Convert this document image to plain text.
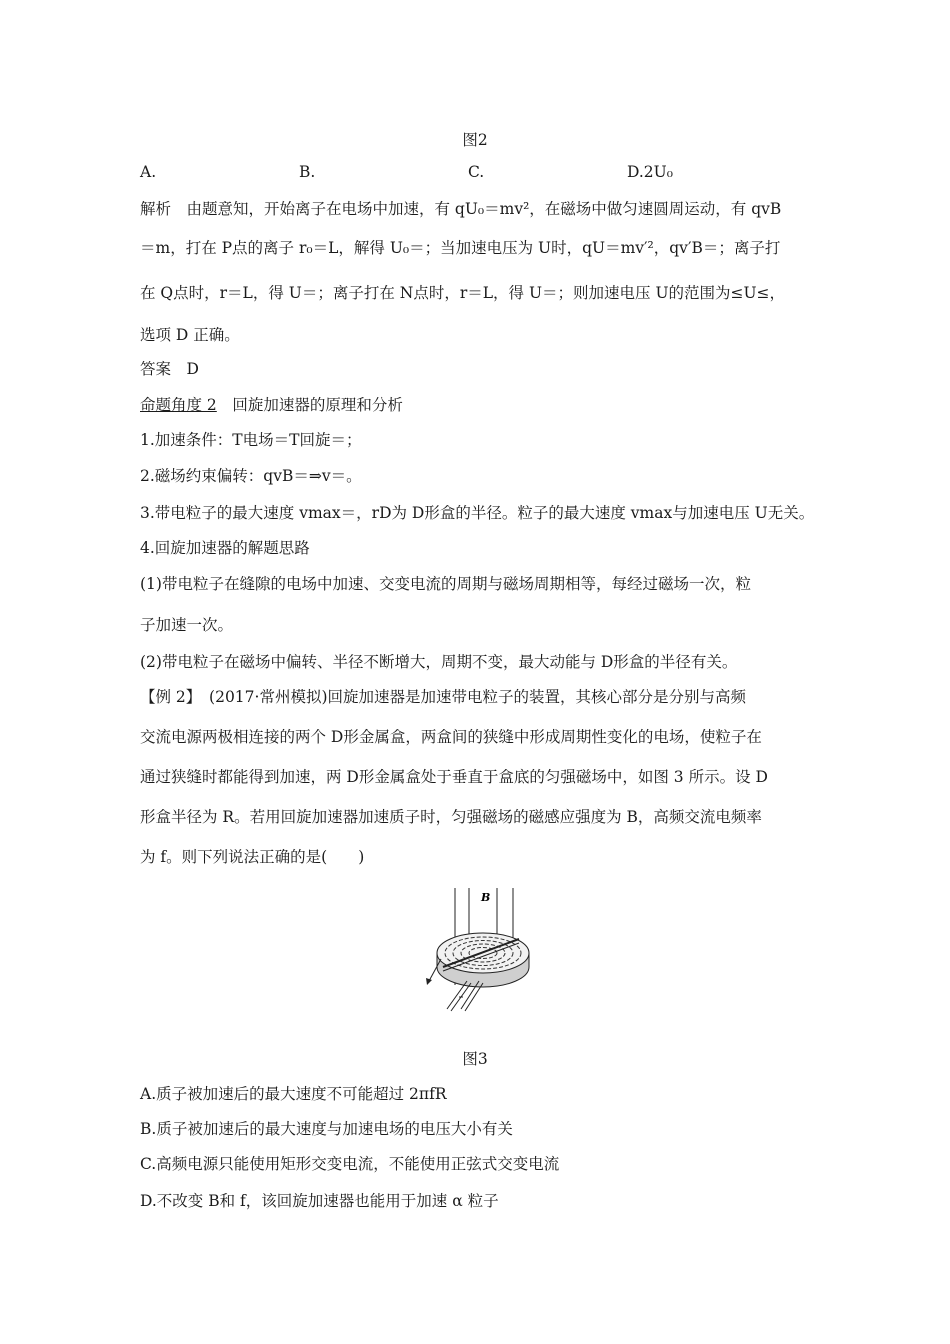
图2
A.	B.	C.	D.2U₀
解析　由题意知，开始离子在电场中加速，有 qU₀＝mv²，在磁场中做匀速圆周运动，有 qvB
＝m，打在 P点的离子 r₀＝L，解得 U₀＝；当加速电压为 U时，qU＝mv′²，qv′B＝；离子打
在 Q点时，r＝L，得 U＝；离子打在 N点时，r＝L，得 U＝；则加速电压 U的范围为≤U≤，
选项 D 正确。
答案　D
命题角度 2　 回旋加速器的原理和分析
1.加速条件：T电场＝T回旋＝；
2.磁场约束偏转：qvB＝⇒v＝。
3.带电粒子的最大速度 vmax＝，rD为 D形盒的半径。粒子的最大速度 vmax与加速电压 U无关。
4.回旋加速器的解题思路
(1)带电粒子在缝隙的电场中加速、交变电流的周期与磁场周期相等，每经过磁场一次，粒
子加速一次。
(2)带电粒子在磁场中偏转、半径不断增大，周期不变，最大动能与 D形盒的半径有关。
【例 2】　(2017·常州模拟)回旋加速器是加速带电粒子的装置，其核心部分是分别与高频
交流电源两极相连接的两个 D形金属盒，两盒间的狭缝中形成周期性变化的电场，使粒子在
通过狭缝时都能得到加速，两 D形金属盒处于垂直于盒底的匀强磁场中，如图 3 所示。设 D
形盒半径为 R。若用回旋加速器加速质子时，匀强磁场的磁感应强度为 B，高频交流电频率
为 f。则下列说法正确的是(　　)
B
图3
A.质子被加速后的最大速度不可能超过 2πfR
B.质子被加速后的最大速度与加速电场的电压大小有关
C.高频电源只能使用矩形交变电流，不能使用正弦式交变电流
D.不改变 B和 f，该回旋加速器也能用于加速 α 粒子
